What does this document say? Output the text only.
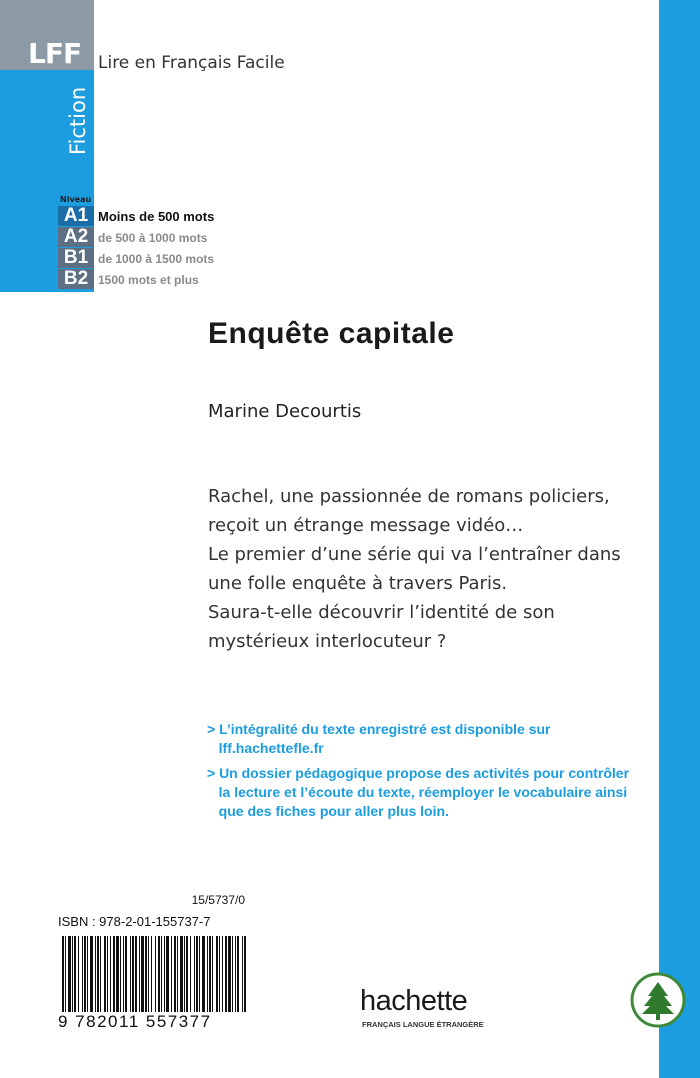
LFF
Fiction
Lire en Français Facile
Niveau
A1
A2
B1
B2
Moins de 500 mots
de 500 à 1000 mots
de 1000 à 1500 mots
1500 mots et plus
Enquête capitale
Marine Decourtis
Rachel, une passionnée de romans policiers,
reçoit un étrange message vidéo…
Le premier d’une série qui va l’entraîner dans
une folle enquête à travers Paris.
Saura-t-elle découvrir l’identité de son
mystérieux interlocuteur ?
> L’intégralité du texte enregistré est disponible sur
lff.hachettefle.fr
> Un dossier pédagogique propose des activités pour contrôler
la lecture et l’écoute du texte, réemployer le vocabulaire ainsi
que des fiches pour aller plus loin.
15/5737/0
ISBN : 978-2-01-155737-7
9 782011 557377
hachette
FRANÇAIS LANGUE ÉTRANGÈRE
